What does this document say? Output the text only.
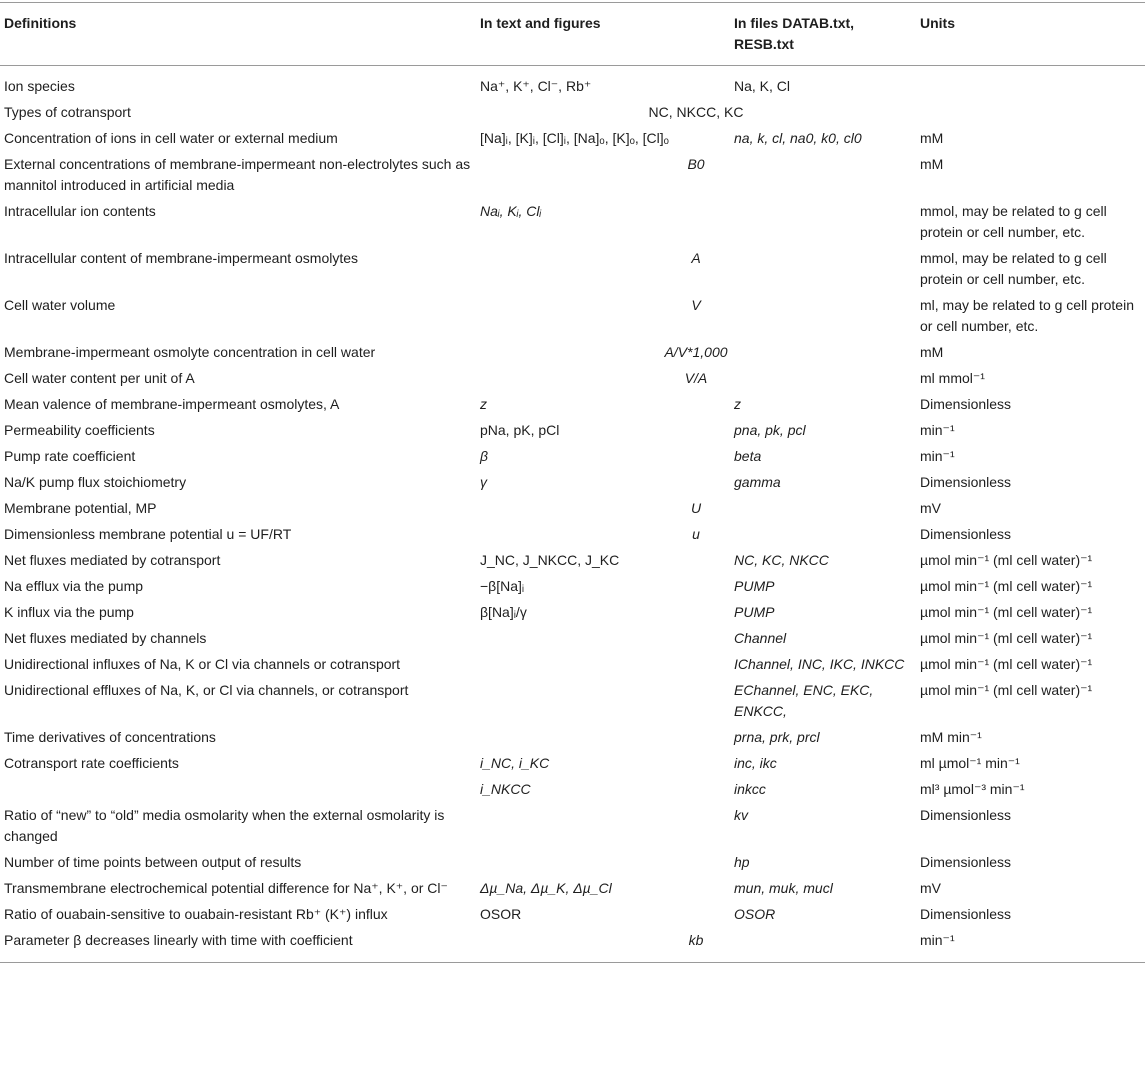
Definitions	In text and figures	In files DATAB.txt, RESB.txt	Units
Ion species	Na⁺, K⁺, Cl⁻, Rb⁺	Na, K, Cl	
Types of cotransport	NC, NKCC, KC		
Concentration of ions in cell water or external medium	[Na]ᵢ, [K]ᵢ, [Cl]ᵢ, [Na]ₒ, [K]ₒ, [Cl]ₒ	na, k, cl, na0, k0, cl0	mM
External concentrations of membrane-impermeant non-electrolytes such as mannitol introduced in artificial media	B0		mM
Intracellular ion contents	Naᵢ, Kᵢ, Clᵢ		mmol, may be related to g cell protein or cell number, etc.
Intracellular content of membrane-impermeant osmolytes	A		mmol, may be related to g cell protein or cell number, etc.
Cell water volume	V		ml, may be related to g cell protein or cell number, etc.
Membrane-impermeant osmolyte concentration in cell water	A/V*1,000		mM
Cell water content per unit of A	V/A		ml mmol⁻¹
Mean valence of membrane-impermeant osmolytes, A	z	z	Dimensionless
Permeability coefficients	pNa, pK, pCl	pna, pk, pcl	min⁻¹
Pump rate coefficient	β	beta	min⁻¹
Na/K pump flux stoichiometry	γ	gamma	Dimensionless
Membrane potential, MP	U		mV
Dimensionless membrane potential u = UF/RT	u		Dimensionless
Net fluxes mediated by cotransport	J_NC, J_NKCC, J_KC	NC, KC, NKCC	µmol min⁻¹ (ml cell water)⁻¹
Na efflux via the pump	−β[Na]ᵢ	PUMP	µmol min⁻¹ (ml cell water)⁻¹
K influx via the pump	β[Na]ᵢ/γ	PUMP	µmol min⁻¹ (ml cell water)⁻¹
Net fluxes mediated by channels		Channel	µmol min⁻¹ (ml cell water)⁻¹
Unidirectional influxes of Na, K or Cl via channels or cotransport		IChannel, INC, IKC, INKCC	µmol min⁻¹ (ml cell water)⁻¹
Unidirectional effluxes of Na, K, or Cl via channels, or cotransport		EChannel, ENC, EKC, ENKCC,	µmol min⁻¹ (ml cell water)⁻¹
Time derivatives of concentrations		prna, prk, prcl	mM min⁻¹
Cotransport rate coefficients	i_NC, i_KC	inc, ikc	ml µmol⁻¹ min⁻¹
	i_NKCC	inkcc	ml³ µmol⁻³ min⁻¹
Ratio of “new” to “old” media osmolarity when the external osmolarity is changed		kv	Dimensionless
Number of time points between output of results		hp	Dimensionless
Transmembrane electrochemical potential difference for Na⁺, K⁺, or Cl⁻	Δµ_Na, Δµ_K, Δµ_Cl	mun, muk, mucl	mV
Ratio of ouabain-sensitive to ouabain-resistant Rb⁺ (K⁺) influx	OSOR	OSOR	Dimensionless
Parameter β decreases linearly with time with coefficient	kb		min⁻¹
